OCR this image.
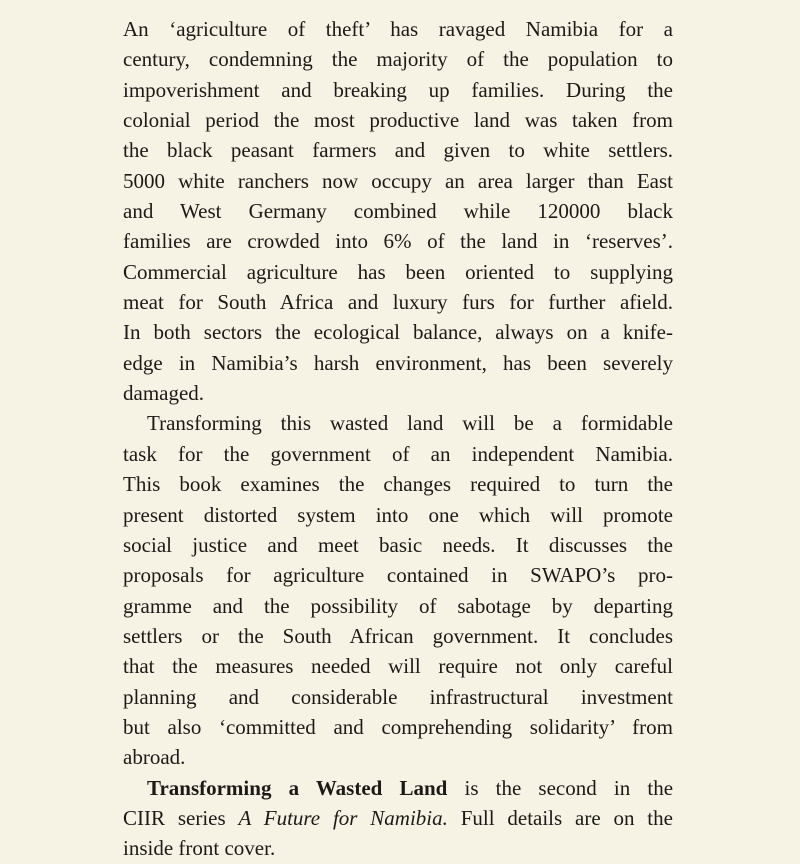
An ‘agriculture of theft’ has ravaged Namibia for a
century, condemning the majority of the population to
impoverishment and breaking up families. During the
colonial period the most productive land was taken from
the black peasant farmers and given to white settlers.
5000 white ranchers now occupy an area larger than East
and West Germany combined while 120000 black
families are crowded into 6% of the land in ‘reserves’.
Commercial agriculture has been oriented to supplying
meat for South Africa and luxury furs for further afield.
In both sectors the ecological balance, always on a knife-
edge in Namibia’s harsh environment, has been severely
damaged.
Transforming this wasted land will be a formidable
task for the government of an independent Namibia.
This book examines the changes required to turn the
present distorted system into one which will promote
social justice and meet basic needs. It discusses the
proposals for agriculture contained in SWAPO’s pro-
gramme and the possibility of sabotage by departing
settlers or the South African government. It concludes
that the measures needed will require not only careful
planning and considerable infrastructural investment
but also ‘committed and comprehending solidarity’ from
abroad.
Transforming a Wasted Land is the second in the
CIIR series A Future for Namibia. Full details are on the
inside front cover.
